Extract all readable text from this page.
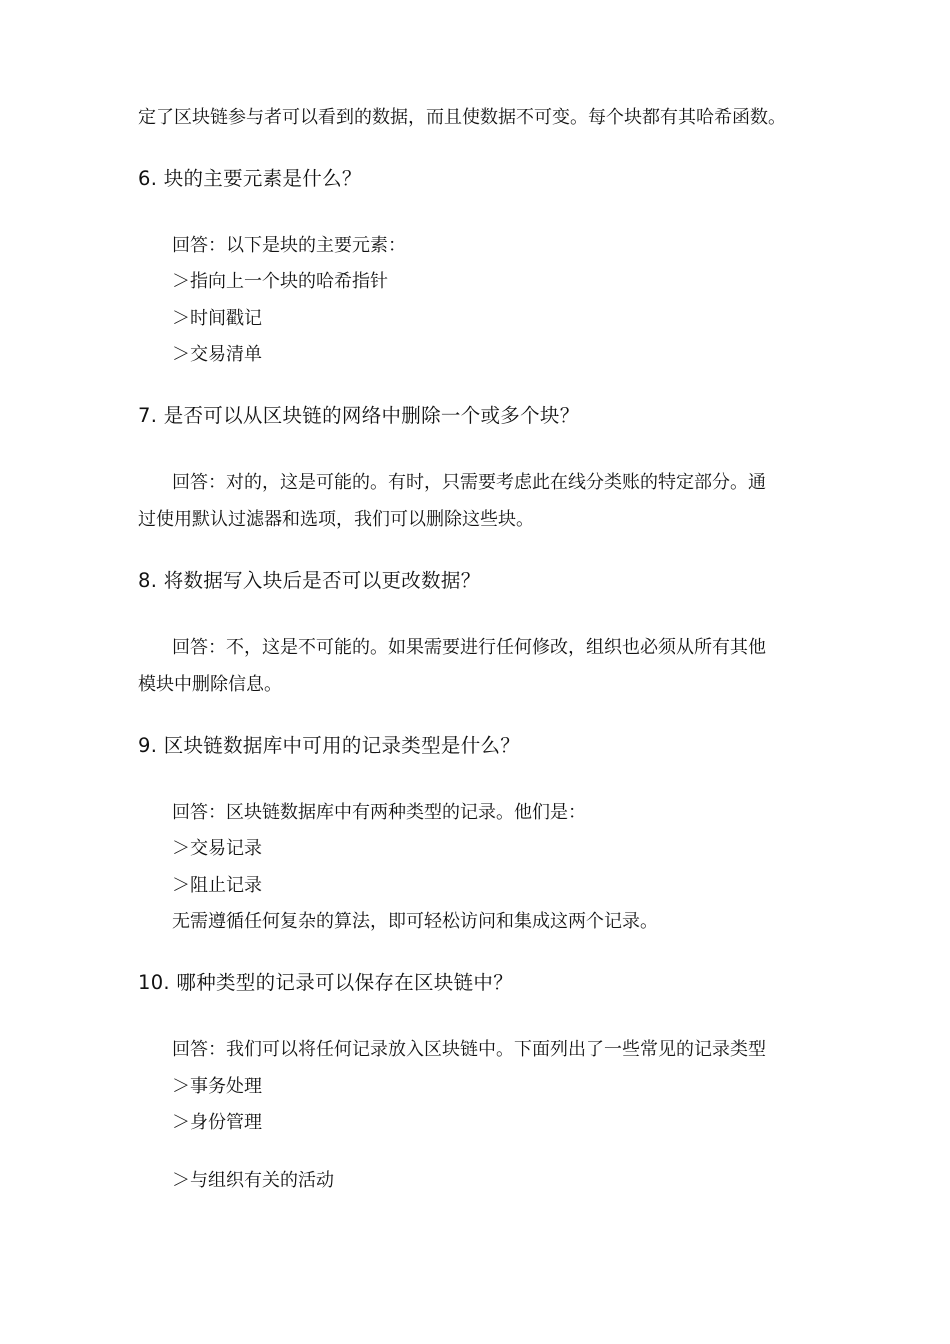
定了区块链参与者可以看到的数据，而且使数据不可变。每个块都有其哈希函数。
6. 块的主要元素是什么？
回答：以下是块的主要元素：
＞指向上一个块的哈希指针
＞时间戳记
＞交易清单
7. 是否可以从区块链的网络中删除一个或多个块？
回答：对的，这是可能的。有时，只需要考虑此在线分类账的特定部分。通
过使用默认过滤器和选项，我们可以删除这些块。
8. 将数据写入块后是否可以更改数据？
回答：不，这是不可能的。如果需要进行任何修改，组织也必须从所有其他
模块中删除信息。
9. 区块链数据库中可用的记录类型是什么？
回答：区块链数据库中有两种类型的记录。他们是：
＞交易记录
＞阻止记录
无需遵循任何复杂的算法，即可轻松访问和集成这两个记录。
10. 哪种类型的记录可以保存在区块链中？
回答：我们可以将任何记录放入区块链中。下面列出了一些常见的记录类型
＞事务处理
＞身份管理
＞与组织有关的活动
